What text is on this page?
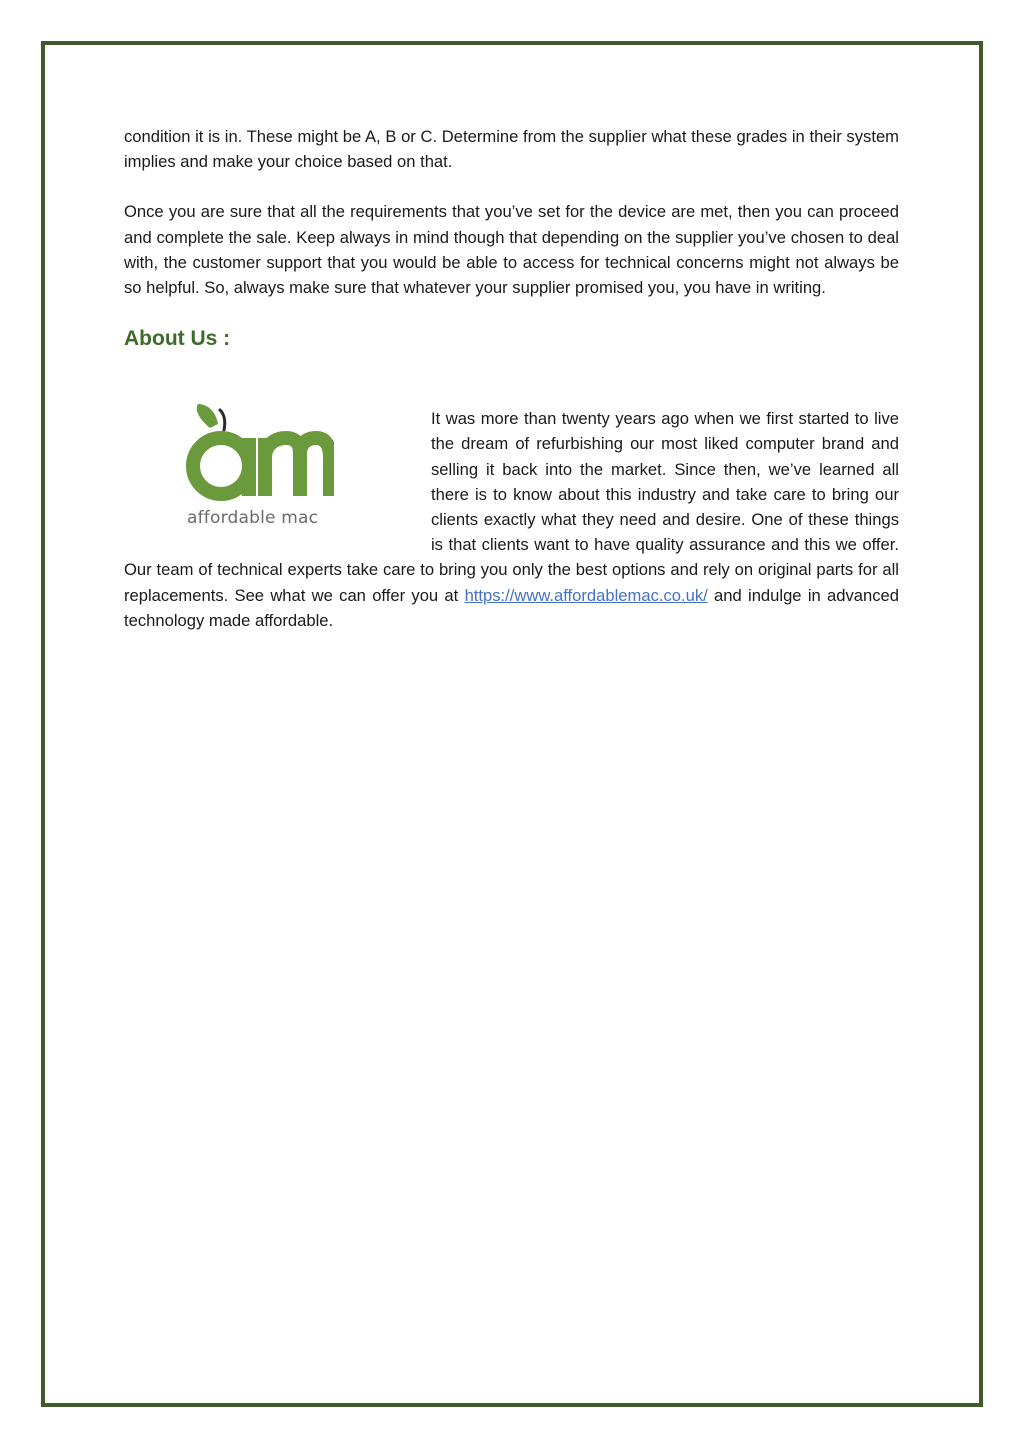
condition it is in. These might be A, B or C. Determine from the supplier what these grades in their system implies and make your choice based on that.

Once you are sure that all the requirements that you’ve set for the device are met, then you can proceed and complete the sale. Keep always in mind though that depending on the supplier you’ve chosen to deal with, the customer support that you would be able to access for technical concerns might not always be so helpful. So, always make sure that whatever your supplier promised you, you have in writing.

About Us :
affordable mac

It was more than twenty years ago when we first started to live the dream of refurbishing our most liked computer brand and selling it back into the market. Since then, we’ve learned all there is to know about this industry and take care to bring our clients exactly what they need and desire. One of these things is that clients want to have quality assurance and this we offer. Our team of technical experts take care to bring you only the best options and rely on original parts for all replacements. See what we can offer you at https://www.affordablemac.co.uk/ and indulge in advanced technology made affordable.
